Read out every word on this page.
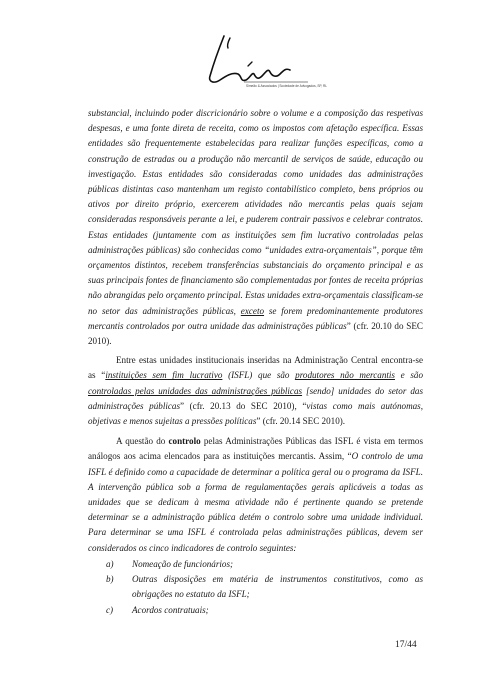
Simeão & Associados | Sociedade de Advogados, SP, RL

substancial, incluindo poder discricionário sobre o volume e a composição das respetivas despesas, e uma fonte direta de receita, como os impostos com afetação específica. Essas entidades são frequentemente estabelecidas para realizar funções específicas, como a construção de estradas ou a produção não mercantil de serviços de saúde, educação ou investigação. Estas entidades são consideradas como unidades das administrações públicas distintas caso mantenham um registo contabilístico completo, bens próprios ou ativos por direito próprio, exercerem atividades não mercantis pelas quais sejam consideradas responsáveis perante a lei, e puderem contrair passivos e celebrar contratos. Estas entidades (juntamente com as instituições sem fim lucrativo controladas pelas administrações públicas) são conhecidas como “unidades extra-orçamentais”, porque têm orçamentos distintos, recebem transferências substanciais do orçamento principal e as suas principais fontes de financiamento são complementadas por fontes de receita próprias não abrangidas pelo orçamento principal. Estas unidades extra-orçamentais classificam-se no setor das administrações públicas, exceto se forem predominantemente produtores mercantis controlados por outra unidade das administrações públicas” (cfr. 20.10 do SEC 2010).

Entre estas unidades institucionais inseridas na Administração Central encontra-se as “instituições sem fim lucrativo (ISFL) que são produtores não mercantis e são controladas pelas unidades das administrações públicas [sendo] unidades do setor das administrações públicas” (cfr. 20.13 do SEC 2010), “vistas como mais autónomas, objetivas e menos sujeitas a pressões políticas” (cfr. 20.14 SEC 2010).

A questão do controlo pelas Administrações Públicas das ISFL é vista em termos análogos aos acima elencados para as instituições mercantis. Assim, “O controlo de uma ISFL é definido como a capacidade de determinar a política geral ou o programa da ISFL. A intervenção pública sob a forma de regulamentações gerais aplicáveis a todas as unidades que se dedicam à mesma atividade não é pertinente quando se pretende determinar se a administração pública detém o controlo sobre uma unidade individual. Para determinar se uma ISFL é controlada pelas administrações públicas, devem ser considerados os cinco indicadores de controlo seguintes:

a) Nomeação de funcionários;
b) Outras disposições em matéria de instrumentos constitutivos, como as obrigações no estatuto da ISFL;
c) Acordos contratuais;
17/44
